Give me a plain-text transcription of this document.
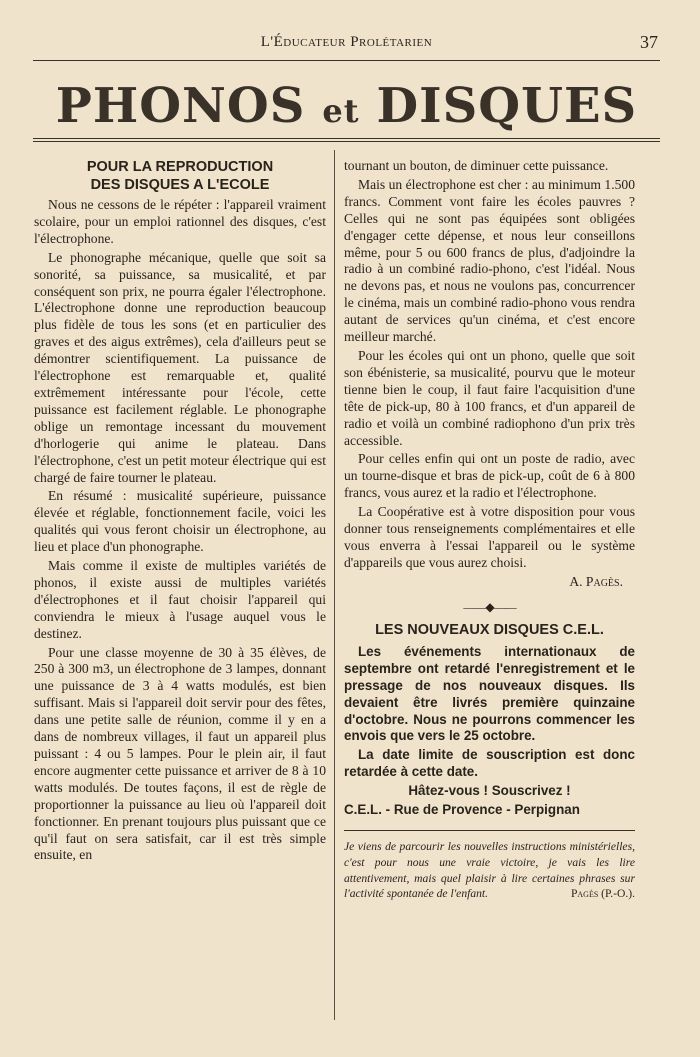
L'Éducateur Prolétarien	37
PHONOS et DISQUES
POUR LA REPRODUCTION
DES DISQUES A L'ECOLE

Nous ne cessons de le répéter : l'appareil vraiment scolaire, pour un emploi rationnel des disques, c'est l'électrophone.

Le phonographe mécanique, quelle que soit sa sonorité, sa puissance, sa musicalité, et par conséquent son prix, ne pourra égaler l'électrophone. L'électrophone donne une reproduction beaucoup plus fidèle de tous les sons (et en particulier des graves et des aigus extrêmes), cela d'ailleurs peut se démontrer scientifiquement. La puissance de l'électrophone est remarquable et, qualité extrêmement intéressante pour l'école, cette puissance est facilement réglable. Le phonographe oblige un remontage incessant du mouvement d'horlogerie qui anime le plateau. Dans l'électrophone, c'est un petit moteur électrique qui est chargé de faire tourner le plateau.

En résumé : musicalité supérieure, puissance élevée et réglable, fonctionnement facile, voici les qualités qui vous feront choisir un électrophone, au lieu et place d'un phonographe.

Mais comme il existe de multiples variétés de phonos, il existe aussi de multiples variétés d'électrophones et il faut choisir l'appareil qui conviendra le mieux à l'usage auquel vous le destinez.

Pour une classe moyenne de 30 à 35 élèves, de 250 à 300 m3, un électrophone de 3 lampes, donnant une puissance de 3 à 4 watts modulés, est bien suffisant. Mais si l'appareil doit servir pour des fêtes, dans une petite salle de réunion, comme il y en a dans de nombreux villages, il faut un appareil plus puissant : 4 ou 5 lampes. Pour le plein air, il faut encore augmenter cette puissance et arriver de 8 à 10 watts modulés. De toutes façons, il est de règle de proportionner la puissance au lieu où l'appareil doit fonctionner. En prenant toujours plus puissant que ce qu'il faut on sera satisfait, car il est très simple ensuite, en

tournant un bouton, de diminuer cette puissance.

Mais un électrophone est cher : au minimum 1.500 francs. Comment vont faire les écoles pauvres ? Celles qui ne sont pas équipées sont obligées d'engager cette dépense, et nous leur conseillons même, pour 5 ou 600 francs de plus, d'adjoindre la radio à un combiné radio-phono, c'est l'idéal. Nous ne devons pas, et nous ne voulons pas, concurrencer le cinéma, mais un combiné radio-phono vous rendra autant de services qu'un cinéma, et c'est encore meilleur marché.

Pour les écoles qui ont un phono, quelle que soit son ébénisterie, sa musicalité, pourvu que le moteur tienne bien le coup, il faut faire l'acquisition d'une tête de pick-up, 80 à 100 francs, et d'un appareil de radio et voilà un combiné radiophono d'un prix très accessible.

Pour celles enfin qui ont un poste de radio, avec un tourne-disque et bras de pick-up, coût de 6 à 800 francs, vous aurez et la radio et l'électrophone.

La Coopérative est à votre disposition pour vous donner tous renseignements complémentaires et elle vous enverra à l'essai l'appareil ou le système d'appareils que vous aurez choisi.

A. Pagès.
——◆——
LES NOUVEAUX DISQUES C.E.L.

Les événements internationaux de septembre ont retardé l'enregistrement et le pressage de nos nouveaux disques. Ils devaient être livrés première quinzaine d'octobre. Nous ne pourrons commencer les envois que vers le 25 octobre.

La date limite de souscription est donc retardée à cette date.

Hâtez-vous ! Souscrivez !

C.E.L. - Rue de Provence - Perpignan

Je viens de parcourir les nouvelles instructions ministérielles, c'est pour nous une vraie victoire, je vais les lire attentivement, mais quel plaisir à lire certaines phrases sur l'activité spontanée de l'enfant.	Pagès (P.-O.).
